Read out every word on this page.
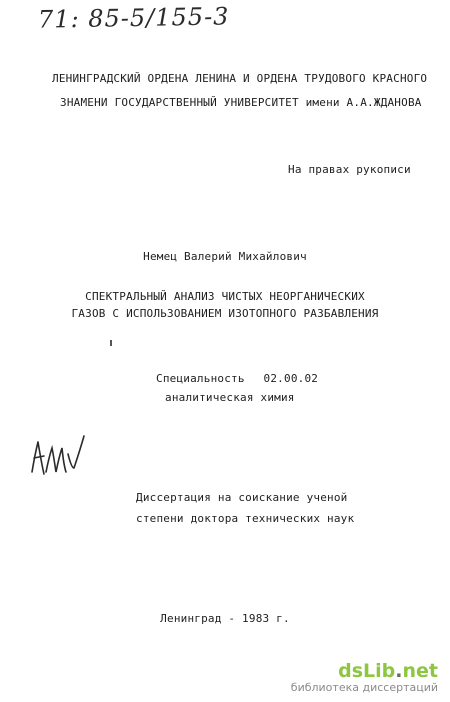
71: 85-5/155-3
ЛЕНИНГРАДСКИЙ ОРДЕНА ЛЕНИНА И ОРДЕНА ТРУДОВОГО КРАСНОГО
ЗНАМЕНИ ГОСУДАРСТВЕННЫЙ УНИВЕРСИТЕТ имени А.А.ЖДАНОВА
На правах рукописи
Немец Валерий Михайлович
СПЕКТРАЛЬНЫЙ АНАЛИЗ ЧИСТЫХ НЕОРГАНИЧЕСКИХ
ГАЗОВ С ИСПОЛЬЗОВАНИЕМ ИЗОТОПНОГО РАЗБАВЛЕНИЯ
Специальность 02.00.02
аналитическая химия
Диссертация на соискание ученой
степени доктора технических наук
Ленинград - 1983 г.
dsLib.net
библиотека диссертаций
